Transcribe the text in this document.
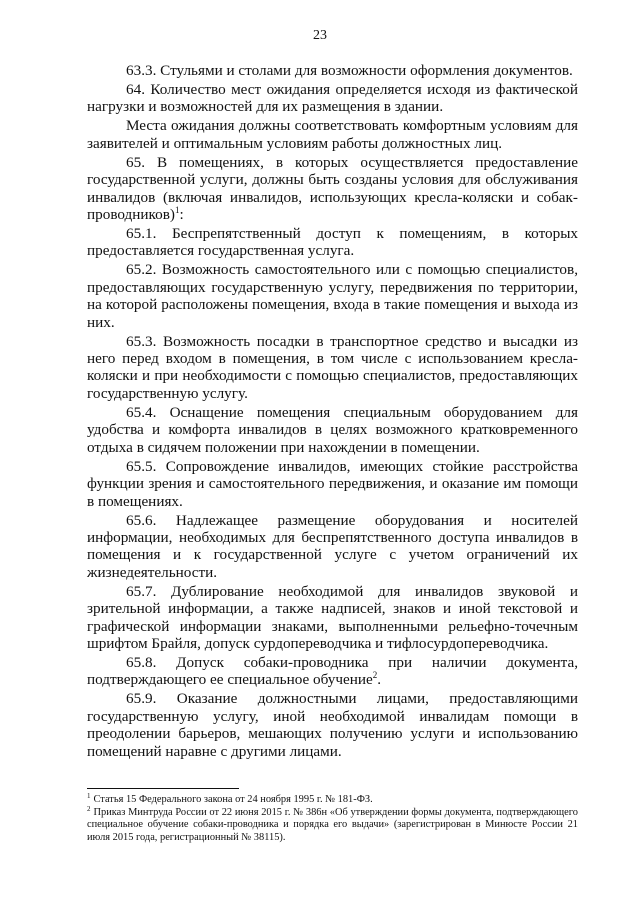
23

63.3. Стульями и столами для возможности оформления документов.

64. Количество мест ожидания определяется исходя из фактической нагрузки и возможностей для их размещения в здании.

Места ожидания должны соответствовать комфортным условиям для заявителей и оптимальным условиям работы должностных лиц.

65. В помещениях, в которых осуществляется предоставление государственной услуги, должны быть созданы условия для обслуживания инвалидов (включая инвалидов, использующих кресла-коляски и собак-проводников)$^1$:

65.1. Беспрепятственный доступ к помещениям, в которых предоставляется государственная услуга.

65.2. Возможность самостоятельного или с помощью специалистов, предоставляющих государственную услугу, передвижения по территории, на которой расположены помещения, входа в такие помещения и выхода из них.

65.3. Возможность посадки в транспортное средство и высадки из него перед входом в помещения, в том числе с использованием кресла-коляски и при необходимости с помощью специалистов, предоставляющих государственную услугу.

65.4. Оснащение помещения специальным оборудованием для удобства и комфорта инвалидов в целях возможного кратковременного отдыха в сидячем положении при нахождении в помещении.

65.5. Сопровождение инвалидов, имеющих стойкие расстройства функции зрения и самостоятельного передвижения, и оказание им помощи в помещениях.

65.6. Надлежащее размещение оборудования и носителей информации, необходимых для беспрепятственного доступа инвалидов в помещения и к государственной услуге с учетом ограничений их жизнедеятельности.

65.7. Дублирование необходимой для инвалидов звуковой и зрительной информации, а также надписей, знаков и иной текстовой и графической информации знаками, выполненными рельефно-точечным шрифтом Брайля, допуск сурдопереводчика и тифлосурдопереводчика.

65.8. Допуск собаки-проводника при наличии документа, подтверждающего ее специальное обучение$^2$.

65.9. Оказание должностными лицами, предоставляющими государственную услугу, иной необходимой инвалидам помощи в преодолении барьеров, мешающих получению услуги и использованию помещений наравне с другими лицами.

$^1$ Статья 15 Федерального закона от 24 ноября 1995 г. № 181-ФЗ.

$^2$ Приказ Минтруда России от 22 июня 2015 г. № 386н «Об утверждении формы документа, подтверждающего специальное обучение собаки-проводника и порядка его выдачи» (зарегистрирован в Минюсте России 21 июля 2015 года, регистрационный № 38115).
